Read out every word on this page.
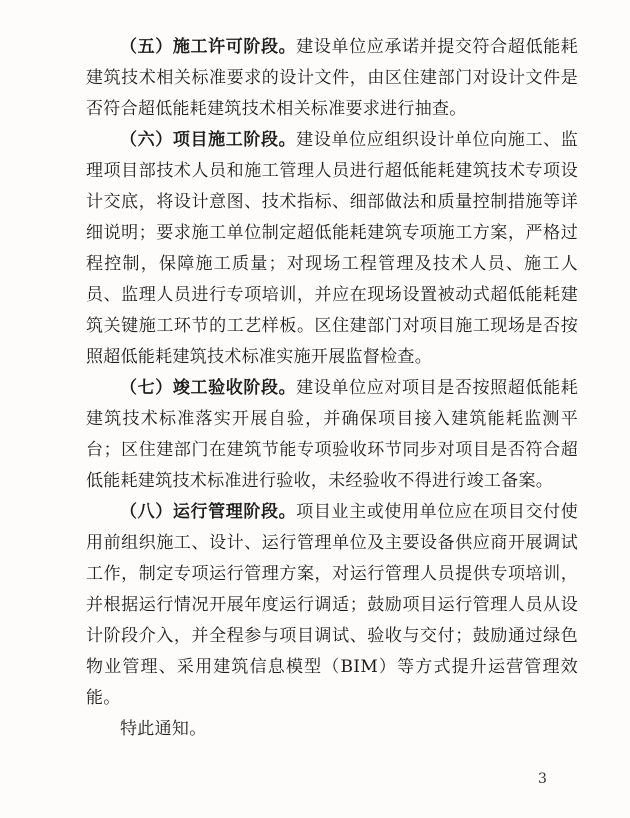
（五）施工许可阶段。建设单位应承诺并提交符合超低能耗建筑技术相关标准要求的设计文件，由区住建部门对设计文件是否符合超低能耗建筑技术相关标准要求进行抽查。

（六）项目施工阶段。建设单位应组织设计单位向施工、监理项目部技术人员和施工管理人员进行超低能耗建筑技术专项设计交底，将设计意图、技术指标、细部做法和质量控制措施等详细说明；要求施工单位制定超低能耗建筑专项施工方案，严格过程控制，保障施工质量；对现场工程管理及技术人员、施工人员、监理人员进行专项培训，并应在现场设置被动式超低能耗建筑关键施工环节的工艺样板。区住建部门对项目施工现场是否按照超低能耗建筑技术标准实施开展监督检查。

（七）竣工验收阶段。建设单位应对项目是否按照超低能耗建筑技术标准落实开展自验，并确保项目接入建筑能耗监测平台；区住建部门在建筑节能专项验收环节同步对项目是否符合超低能耗建筑技术标准进行验收，未经验收不得进行竣工备案。

（八）运行管理阶段。项目业主或使用单位应在项目交付使用前组织施工、设计、运行管理单位及主要设备供应商开展调试工作，制定专项运行管理方案，对运行管理人员提供专项培训，并根据运行情况开展年度运行调适；鼓励项目运行管理人员从设计阶段介入，并全程参与项目调试、验收与交付；鼓励通过绿色物业管理、采用建筑信息模型（BIM）等方式提升运营管理效能。

特此通知。

3
